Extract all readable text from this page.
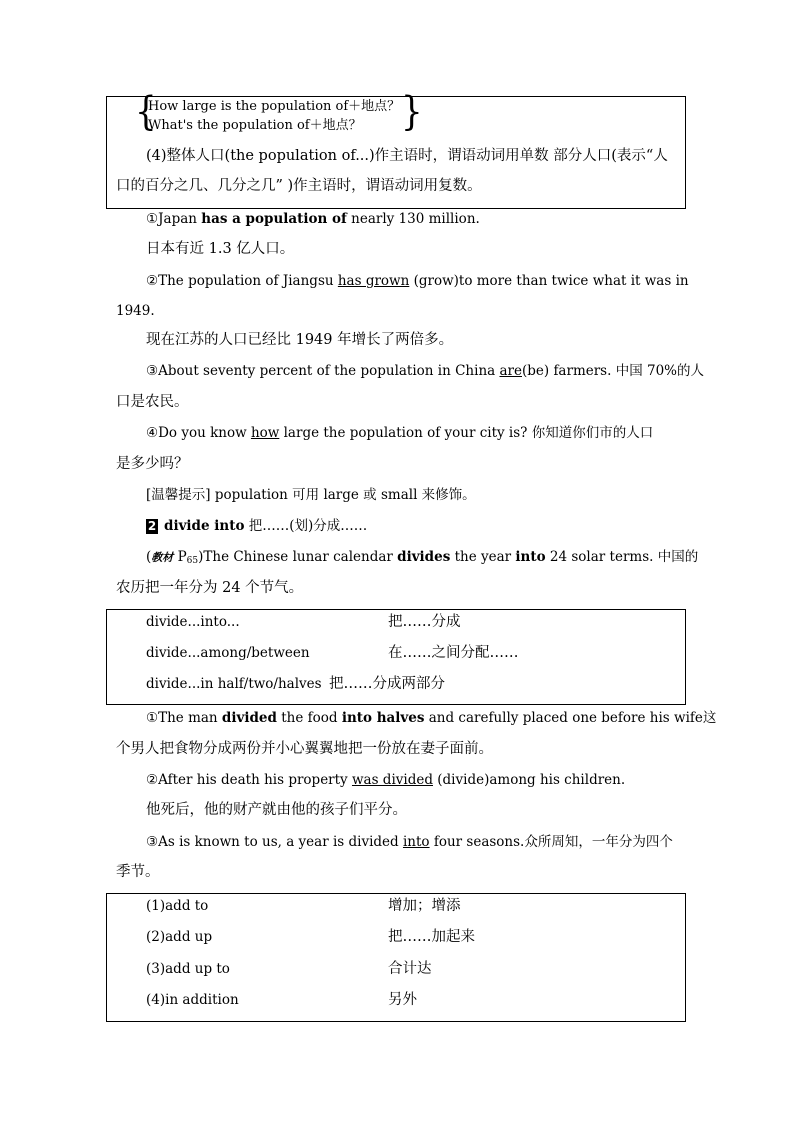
{
How large is the population of＋地点？
What's the population of＋地点？ }
(4)整体人口(the population of...)作主语时，谓语动词用单数 部分人口(表示“人
口的百分之几、几分之几” )作主语时，谓语动词用复数。
①Japan has a population of nearly 130 million.
日本有近 1.3 亿人口。
②The population of Jiangsu has grown (grow)to more than twice what it was in
1949.
现在江苏的人口已经比 1949 年增长了两倍多。
③About seventy percent of the population in China are(be) farmers. 中国 70%的人
口是农民。
④Do you know how large the population of your city is? 你知道你们市的人口
是多少吗？
[温馨提示] population 可用 large 或 small 来修饰。
2 divide into 把……(划)分成……
(教材 $P_{65})The$ Chinese lunar calendar divides the year into 24 solar terms. 中国的
农历把一年分为 24 个节气。
divide...into...	把……分成
divide...among/between	在……之间分配……
divide...in half/two/halves 把……分成两部分
①The man divided the food into halves and carefully placed one before his wife这
个男人把食物分成两份并小心翼翼地把一份放在妻子面前。
②After his death his property was divided (divide)among his children.
他死后，他的财产就由他的孩子们平分。
③As is known to us, a year is divided into four seasons.众所周知，一年分为四个
季节。
(1)add to	增加；增添
(2)add up	把……加起来
(3)add up to	合计达
(4)in addition	另外
